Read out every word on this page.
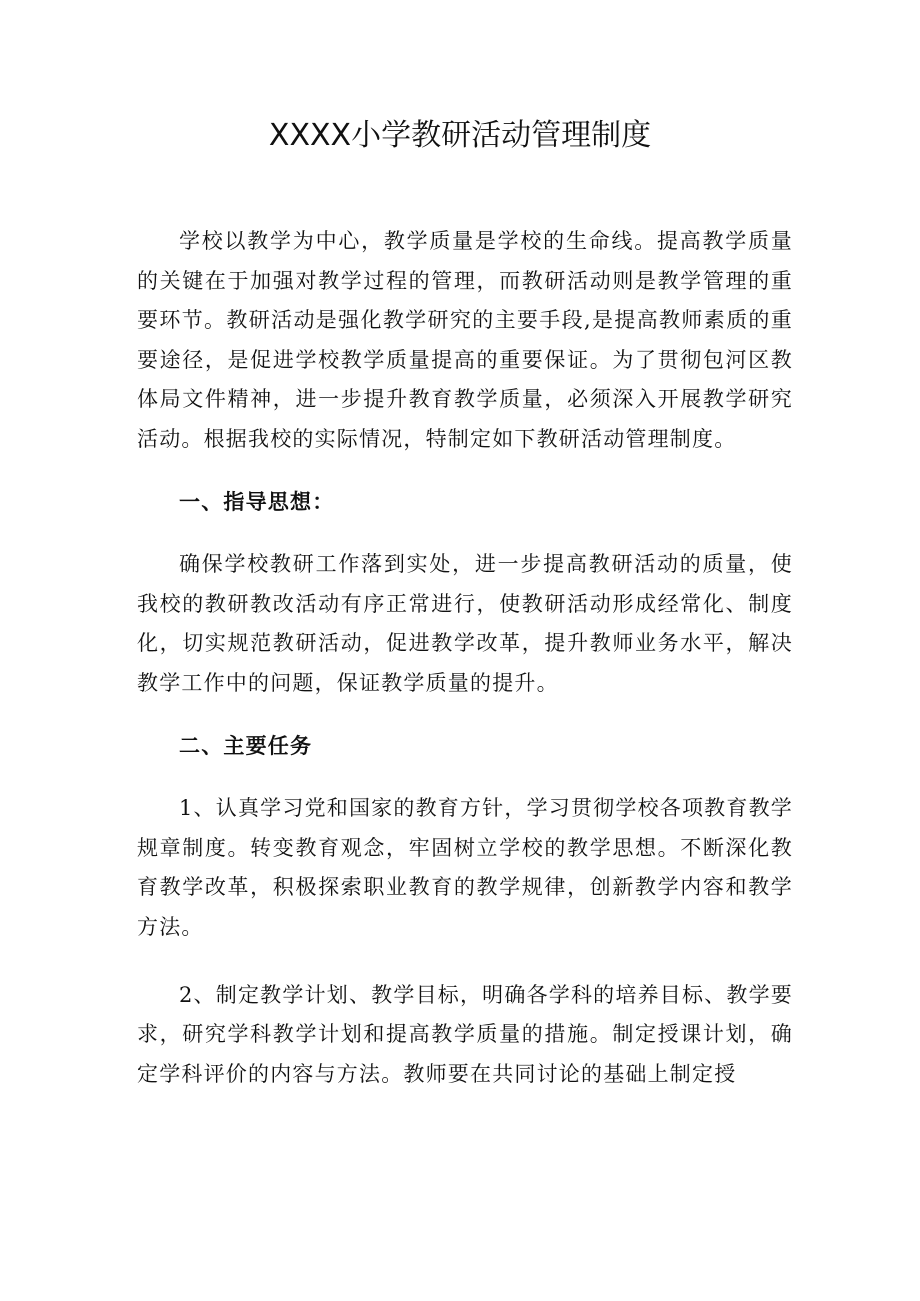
XXXX小学教研活动管理制度

学校以教学为中心，教学质量是学校的生命线。提高教学质量的关键在于加强对教学过程的管理，而教研活动则是教学管理的重要环节。教研活动是强化教学研究的主要手段,是提高教师素质的重要途径，是促进学校教学质量提高的重要保证。为了贯彻包河区教体局文件精神，进一步提升教育教学质量，必须深入开展教学研究活动。根据我校的实际情况，特制定如下教研活动管理制度。

一、指导思想：

确保学校教研工作落到实处，进一步提高教研活动的质量，使我校的教研教改活动有序正常进行，使教研活动形成经常化、制度化，切实规范教研活动，促进教学改革，提升教师业务水平，解决教学工作中的问题，保证教学质量的提升。

二、主要任务

1、认真学习党和国家的教育方针，学习贯彻学校各项教育教学规章制度。转变教育观念，牢固树立学校的教学思想。不断深化教育教学改革，积极探索职业教育的教学规律，创新教学内容和教学方法。

2、制定教学计划、教学目标，明确各学科的培养目标、教学要求，研究学科教学计划和提高教学质量的措施。制定授课计划，确定学科评价的内容与方法。教师要在共同讨论的基础上制定授
